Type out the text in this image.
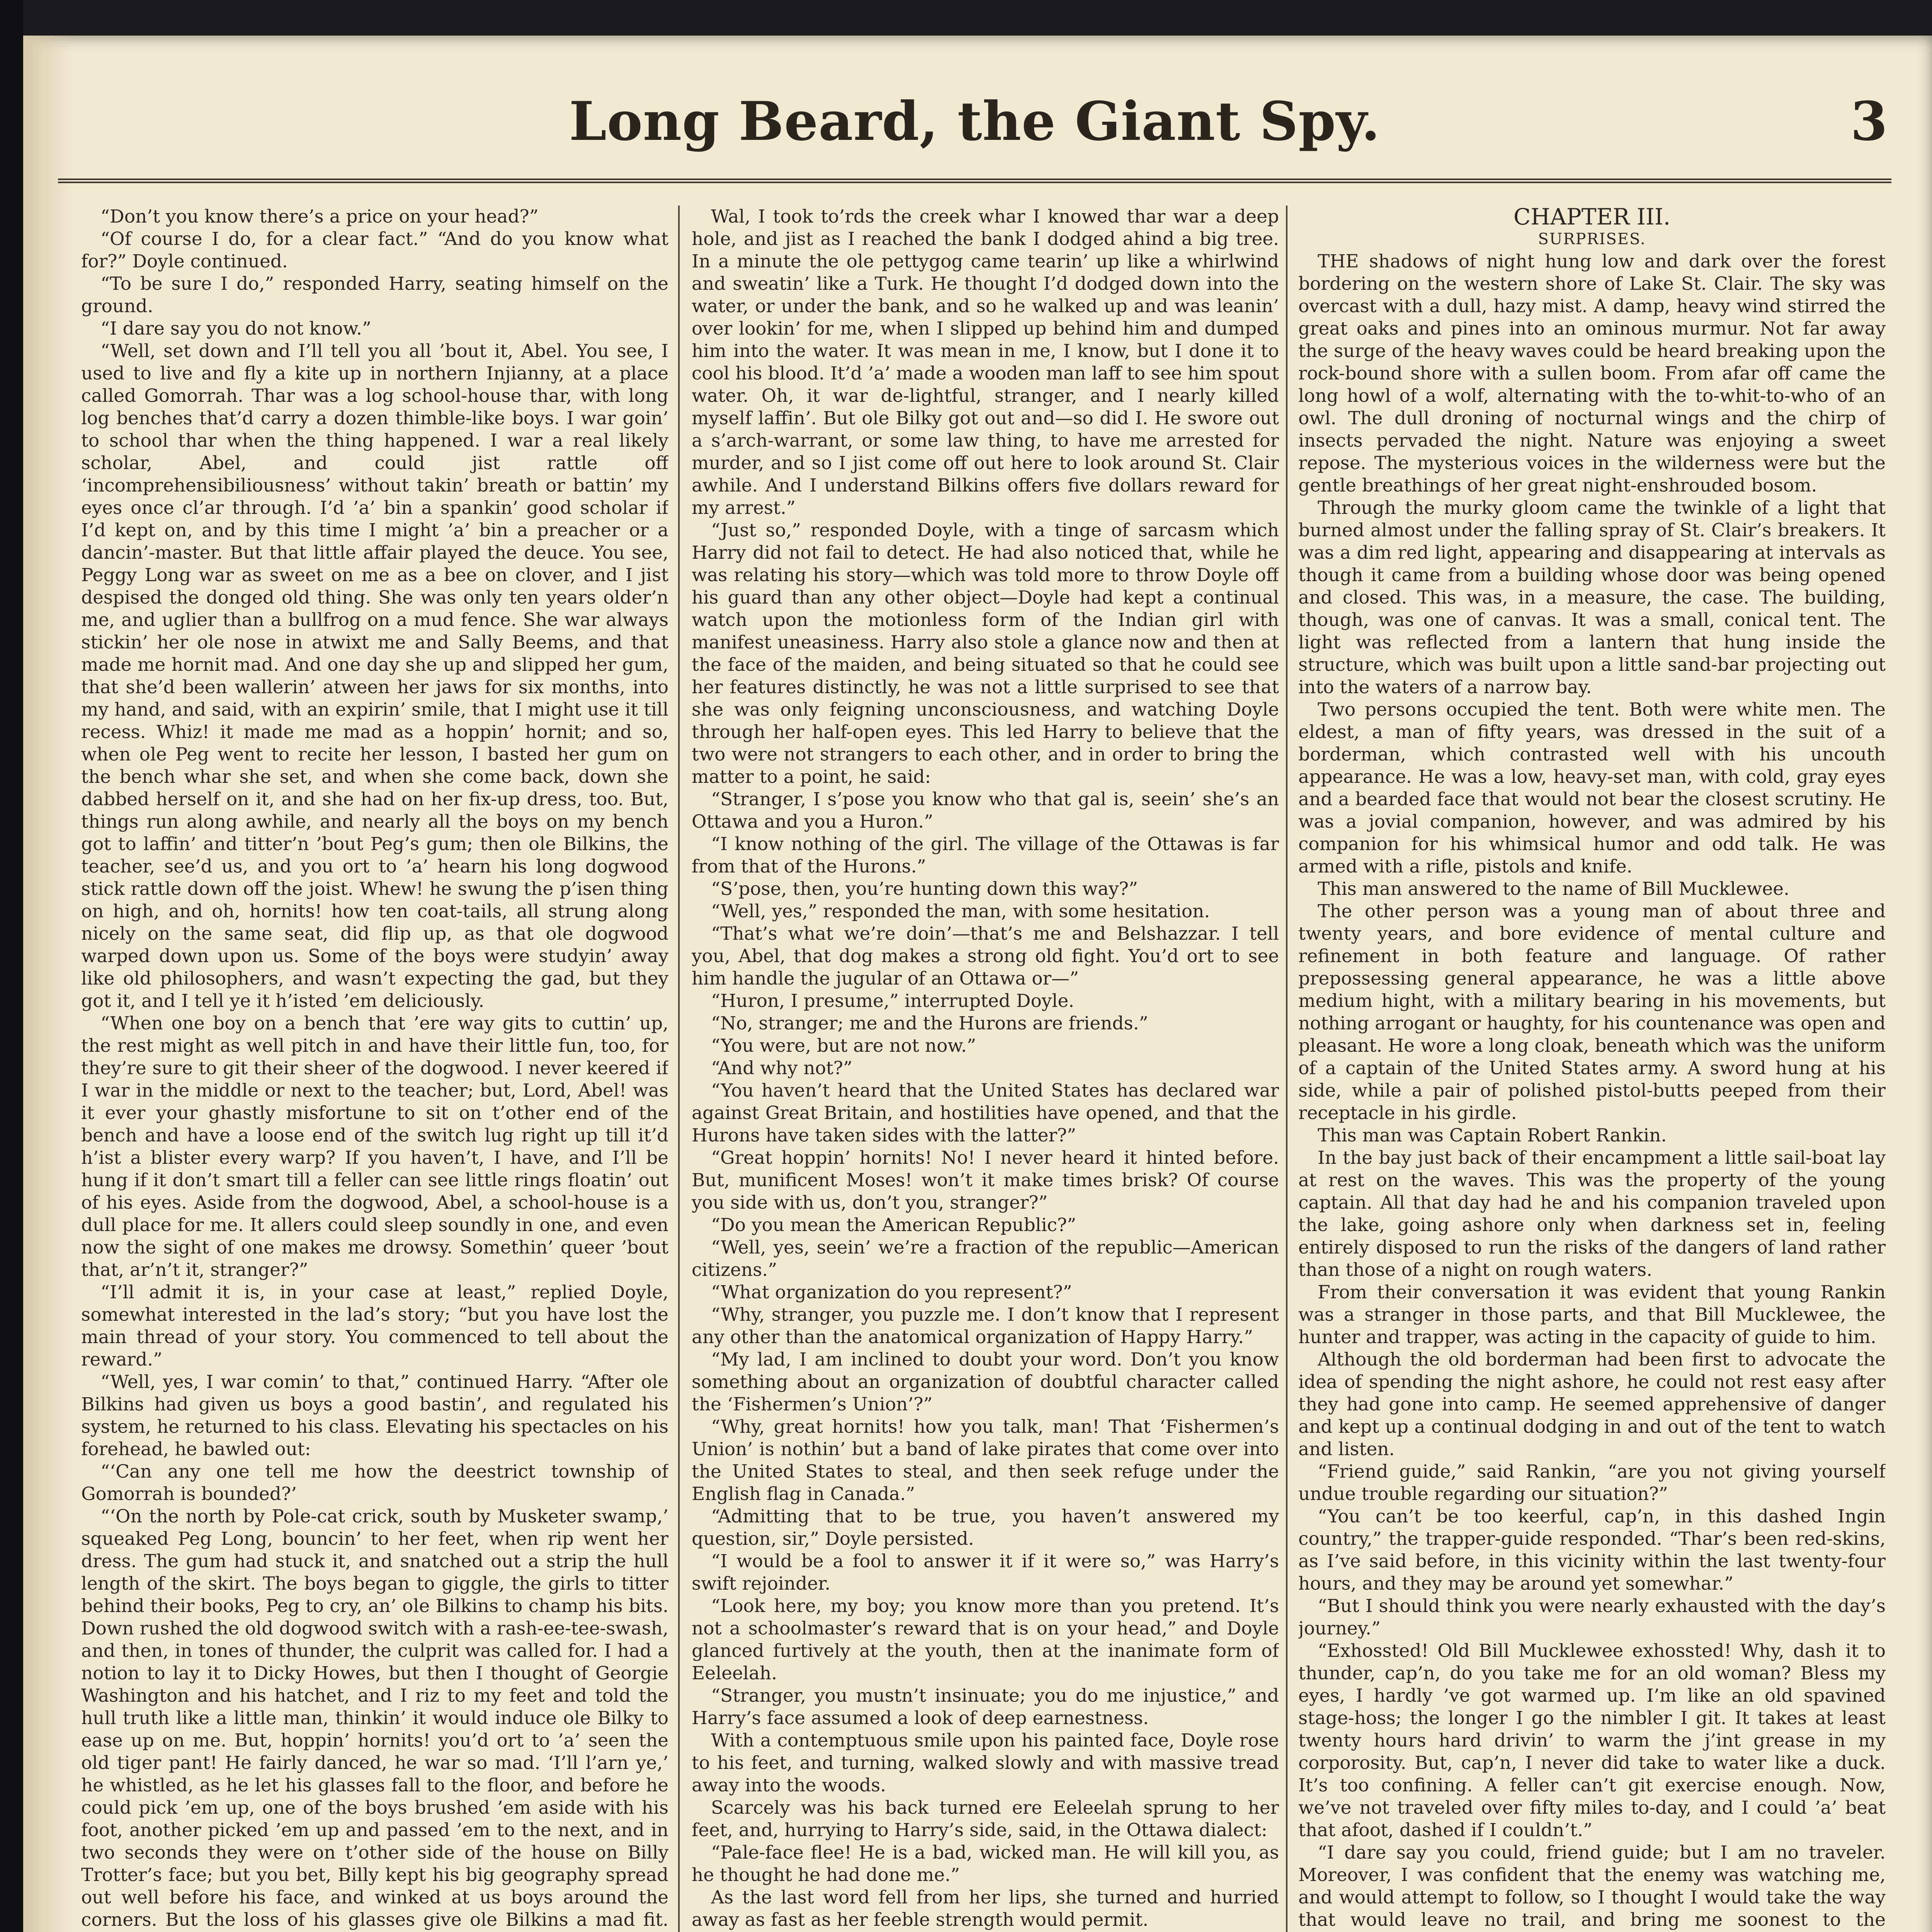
Long Beard, the Giant Spy.	3

“Don’t you know there’s a price on your head?”

“Of course I do, for a clear fact.” “And do you know what for?” Doyle continued.

“To be sure I do,” responded Harry, seating himself on the ground.

“I dare say you do not know.”

“Well, set down and I’ll tell you all ’bout it, Abel. You see, I used to live and fly a kite up in northern Injianny, at a place called Gomorrah. Thar was a log school-house thar, with long log benches that’d carry a dozen thimble-like boys. I war goin’ to school thar when the thing happened. I war a real likely scholar, Abel, and could jist rattle off ‘incomprehensibiliousness’ without takin’ breath or battin’ my eyes once cl’ar through. I’d ’a’ bin a spankin’ good scholar if I’d kept on, and by this time I might ’a’ bin a preacher or a dancin’-master. But that little affair played the deuce. You see, Peggy Long war as sweet on me as a bee on clover, and I jist despised the donged old thing. She was only ten years older’n me, and uglier than a bullfrog on a mud fence. She war always stickin’ her ole nose in atwixt me and Sally Beems, and that made me hornit mad. And one day she up and slipped her gum, that she’d been wallerin’ atween her jaws for six months, into my hand, and said, with an expirin’ smile, that I might use it till recess. Whiz! it made me mad as a hoppin’ hornit; and so, when ole Peg went to recite her lesson, I basted her gum on the bench whar she set, and when she come back, down she dabbed herself on it, and she had on her fix-up dress, too. But, things run along awhile, and nearly all the boys on my bench got to laffin’ and titter’n ’bout Peg’s gum; then ole Bilkins, the teacher, see’d us, and you ort to ’a’ hearn his long dogwood stick rattle down off the joist. Whew! he swung the p’isen thing on high, and oh, hornits! how ten coat-tails, all strung along nicely on the same seat, did flip up, as that ole dogwood warped down upon us. Some of the boys were studyin’ away like old philosophers, and wasn’t expecting the gad, but they got it, and I tell ye it h’isted ’em deliciously.

“When one boy on a bench that ’ere way gits to cuttin’ up, the rest might as well pitch in and have their little fun, too, for they’re sure to git their sheer of the dogwood. I never keered if I war in the middle or next to the teacher; but, Lord, Abel! was it ever your ghastly misfortune to sit on t’other end of the bench and have a loose end of the switch lug right up till it’d h’ist a blister every warp? If you haven’t, I have, and I’ll be hung if it don’t smart till a feller can see little rings floatin’ out of his eyes. Aside from the dogwood, Abel, a school-house is a dull place for me. It allers could sleep soundly in one, and even now the sight of one makes me drowsy. Somethin’ queer ’bout that, ar’n’t it, stranger?”

“I’ll admit it is, in your case at least,” replied Doyle, somewhat interested in the lad’s story; “but you have lost the main thread of your story. You commenced to tell about the reward.”

“Well, yes, I war comin’ to that,” continued Harry. “After ole Bilkins had given us boys a good bastin’, and regulated his system, he returned to his class. Elevating his spectacles on his forehead, he bawled out:

“‘Can any one tell me how the deestrict township of Gomorrah is bounded?’

“‘On the north by Pole-cat crick, south by Musketer swamp,’ squeaked Peg Long, bouncin’ to her feet, when rip went her dress. The gum had stuck it, and snatched out a strip the hull length of the skirt. The boys began to giggle, the girls to titter behind their books, Peg to cry, an’ ole Bilkins to champ his bits. Down rushed the old dogwood switch with a rash-ee-tee-swash, and then, in tones of thunder, the culprit was called for. I had a notion to lay it to Dicky Howes, but then I thought of Georgie Washington and his hatchet, and I riz to my feet and told the hull truth like a little man, thinkin’ it would induce ole Bilky to ease up on me. But, hoppin’ hornits! you’d ort to ’a’ seen the old tiger pant! He fairly danced, he war so mad. ‘I’ll l’arn ye,’ he whistled, as he let his glasses fall to the floor, and before he could pick ’em up, one of the boys brushed ’em aside with his foot, another picked ’em up and passed ’em to the next, and in two seconds they were on t’other side of the house on Billy Trotter’s face; but you bet, Billy kept his big geography spread out well before his face, and winked at us boys around the corners. But the loss of his glasses give ole Bilkins a mad fit.

Wal, I took to’rds the creek whar I knowed thar war a deep hole, and jist as I reached the bank I dodged ahind a big tree. In a minute the ole pettygog came tearin’ up like a whirlwind and sweatin’ like a Turk. He thought I’d dodged down into the water, or under the bank, and so he walked up and was leanin’ over lookin’ for me, when I slipped up behind him and dumped him into the water. It was mean in me, I know, but I done it to cool his blood. It’d ’a’ made a wooden man laff to see him spout water. Oh, it war de-lightful, stranger, and I nearly killed myself laffin’. But ole Bilky got out and—so did I. He swore out a s’arch-warrant, or some law thing, to have me arrested for murder, and so I jist come off out here to look around St. Clair awhile. And I understand Bilkins offers five dollars reward for my arrest.”

“Just so,” responded Doyle, with a tinge of sarcasm which Harry did not fail to detect. He had also noticed that, while he was relating his story—which was told more to throw Doyle off his guard than any other object—Doyle had kept a continual watch upon the motionless form of the Indian girl with manifest uneasiness. Harry also stole a glance now and then at the face of the maiden, and being situated so that he could see her features distinctly, he was not a little surprised to see that she was only feigning unconsciousness, and watching Doyle through her half-open eyes. This led Harry to believe that the two were not strangers to each other, and in order to bring the matter to a point, he said:

“Stranger, I s’pose you know who that gal is, seein’ she’s an Ottawa and you a Huron.”

“I know nothing of the girl. The village of the Ottawas is far from that of the Hurons.”

“S’pose, then, you’re hunting down this way?”

“Well, yes,” responded the man, with some hesitation.

“That’s what we’re doin’—that’s me and Belshazzar. I tell you, Abel, that dog makes a strong old fight. You’d ort to see him handle the jugular of an Ottawa or—”

“Huron, I presume,” interrupted Doyle.

“No, stranger; me and the Hurons are friends.”

“You were, but are not now.”

“And why not?”

“You haven’t heard that the United States has declared war against Great Britain, and hostilities have opened, and that the Hurons have taken sides with the latter?”

“Great hoppin’ hornits! No! I never heard it hinted before. But, munificent Moses! won’t it make times brisk? Of course you side with us, don’t you, stranger?”

“Do you mean the American Republic?”

“Well, yes, seein’ we’re a fraction of the republic—American citizens.”

“What organization do you represent?”

“Why, stranger, you puzzle me. I don’t know that I represent any other than the anatomical organization of Happy Harry.”

“My lad, I am inclined to doubt your word. Don’t you know something about an organization of doubtful character called the ‘Fishermen’s Union’?”

“Why, great hornits! how you talk, man! That ‘Fishermen’s Union’ is nothin’ but a band of lake pirates that come over into the United States to steal, and then seek refuge under the English flag in Canada.”

“Admitting that to be true, you haven’t answered my question, sir,” Doyle persisted.

“I would be a fool to answer it if it were so,” was Harry’s swift rejoinder.

“Look here, my boy; you know more than you pretend. It’s not a schoolmaster’s reward that is on your head,” and Doyle glanced furtively at the youth, then at the inanimate form of Eeleelah.

“Stranger, you mustn’t insinuate; you do me injustice,” and Harry’s face assumed a look of deep earnestness.

With a contemptuous smile upon his painted face, Doyle rose to his feet, and turning, walked slowly and with massive tread away into the woods.

Scarcely was his back turned ere Eeleelah sprung to her feet, and, hurrying to Harry’s side, said, in the Ottawa dialect:

“Pale-face flee! He is a bad, wicked man. He will kill you, as he thought he had done me.”

As the last word fell from her lips, she turned and hurried away as fast as her feeble strength would permit.

CHAPTER III.

SURPRISES.

THE shadows of night hung low and dark over the forest bordering on the western shore of Lake St. Clair. The sky was overcast with a dull, hazy mist. A damp, heavy wind stirred the great oaks and pines into an ominous murmur. Not far away the surge of the heavy waves could be heard breaking upon the rock-bound shore with a sullen boom. From afar off came the long howl of a wolf, alternating with the to-whit-to-who of an owl. The dull droning of nocturnal wings and the chirp of insects pervaded the night. Nature was enjoying a sweet repose. The mysterious voices in the wilderness were but the gentle breathings of her great night-enshrouded bosom.

Through the murky gloom came the twinkle of a light that burned almost under the falling spray of St. Clair’s breakers. It was a dim red light, appearing and disappearing at intervals as though it came from a building whose door was being opened and closed. This was, in a measure, the case. The building, though, was one of canvas. It was a small, conical tent. The light was reflected from a lantern that hung inside the structure, which was built upon a little sand-bar projecting out into the waters of a narrow bay.

Two persons occupied the tent. Both were white men. The eldest, a man of fifty years, was dressed in the suit of a borderman, which contrasted well with his uncouth appearance. He was a low, heavy-set man, with cold, gray eyes and a bearded face that would not bear the closest scrutiny. He was a jovial companion, however, and was admired by his companion for his whimsical humor and odd talk. He was armed with a rifle, pistols and knife.

This man answered to the name of Bill Mucklewee.

The other person was a young man of about three and twenty years, and bore evidence of mental culture and refinement in both feature and language. Of rather prepossessing general appearance, he was a little above medium hight, with a military bearing in his movements, but nothing arrogant or haughty, for his countenance was open and pleasant. He wore a long cloak, beneath which was the uniform of a captain of the United States army. A sword hung at his side, while a pair of polished pistol-butts peeped from their receptacle in his girdle.

This man was Captain Robert Rankin.

In the bay just back of their encampment a little sail-boat lay at rest on the waves. This was the property of the young captain. All that day had he and his companion traveled upon the lake, going ashore only when darkness set in, feeling entirely disposed to run the risks of the dangers of land rather than those of a night on rough waters.

From their conversation it was evident that young Rankin was a stranger in those parts, and that Bill Mucklewee, the hunter and trapper, was acting in the capacity of guide to him.

Although the old borderman had been first to advocate the idea of spending the night ashore, he could not rest easy after they had gone into camp. He seemed apprehensive of danger and kept up a continual dodging in and out of the tent to watch and listen.

“Friend guide,” said Rankin, “are you not giving yourself undue trouble regarding our situation?”

“You can’t be too keerful, cap’n, in this dashed Ingin country,” the trapper-guide responded. “Thar’s been red-skins, as I’ve said before, in this vicinity within the last twenty-four hours, and they may be around yet somewhar.”

“But I should think you were nearly exhausted with the day’s journey.”

“Exhossted! Old Bill Mucklewee exhossted! Why, dash it to thunder, cap’n, do you take me for an old woman? Bless my eyes, I hardly ’ve got warmed up. I’m like an old spavined stage-hoss; the longer I go the nimbler I git. It takes at least twenty hours hard drivin’ to warm the j’int grease in my corporosity. But, cap’n, I never did take to water like a duck. It’s too confining. A feller can’t git exercise enough. Now, we’ve not traveled over fifty miles to-day, and I could ’a’ beat that afoot, dashed if I couldn’t.”

“I dare say you could, friend guide; but I am no traveler. Moreover, I was confident that the enemy was watching me, and would attempt to follow, so I thought I would take the way that would leave no trail, and bring me soonest to the
